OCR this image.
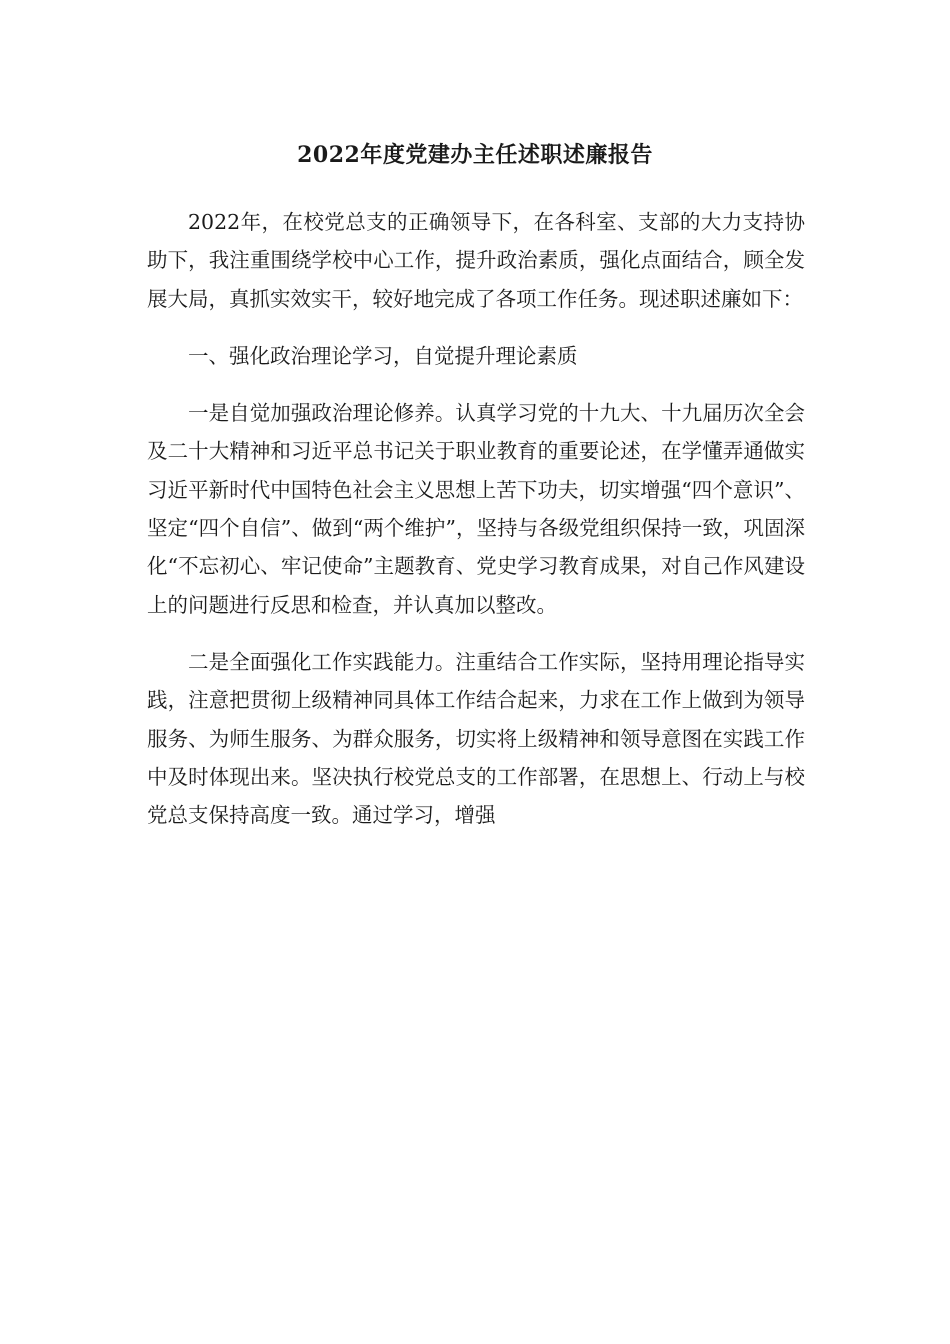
2022年度党建办主任述职述廉报告

2022年，在校党总支的正确领导下，在各科室、支部的大力支持协助下，我注重围绕学校中心工作，提升政治素质，强化点面结合，顾全发展大局，真抓实效实干，较好地完成了各项工作任务。现述职述廉如下：

一、强化政治理论学习，自觉提升理论素质

一是自觉加强政治理论修养。认真学习党的十九大、十九届历次全会及二十大精神和习近平总书记关于职业教育的重要论述，在学懂弄通做实习近平新时代中国特色社会主义思想上苦下功夫，切实增强“四个意识”、坚定“四个自信”、做到“两个维护”，坚持与各级党组织保持一致，巩固深化“不忘初心、牢记使命”主题教育、党史学习教育成果，对自己作风建设上的问题进行反思和检查，并认真加以整改。

二是全面强化工作实践能力。注重结合工作实际，坚持用理论指导实践，注意把贯彻上级精神同具体工作结合起来，力求在工作上做到为领导服务、为师生服务、为群众服务，切实将上级精神和领导意图在实践工作中及时体现出来。坚决执行校党总支的工作部署，在思想上、行动上与校党总支保持高度一致。通过学习，增强
